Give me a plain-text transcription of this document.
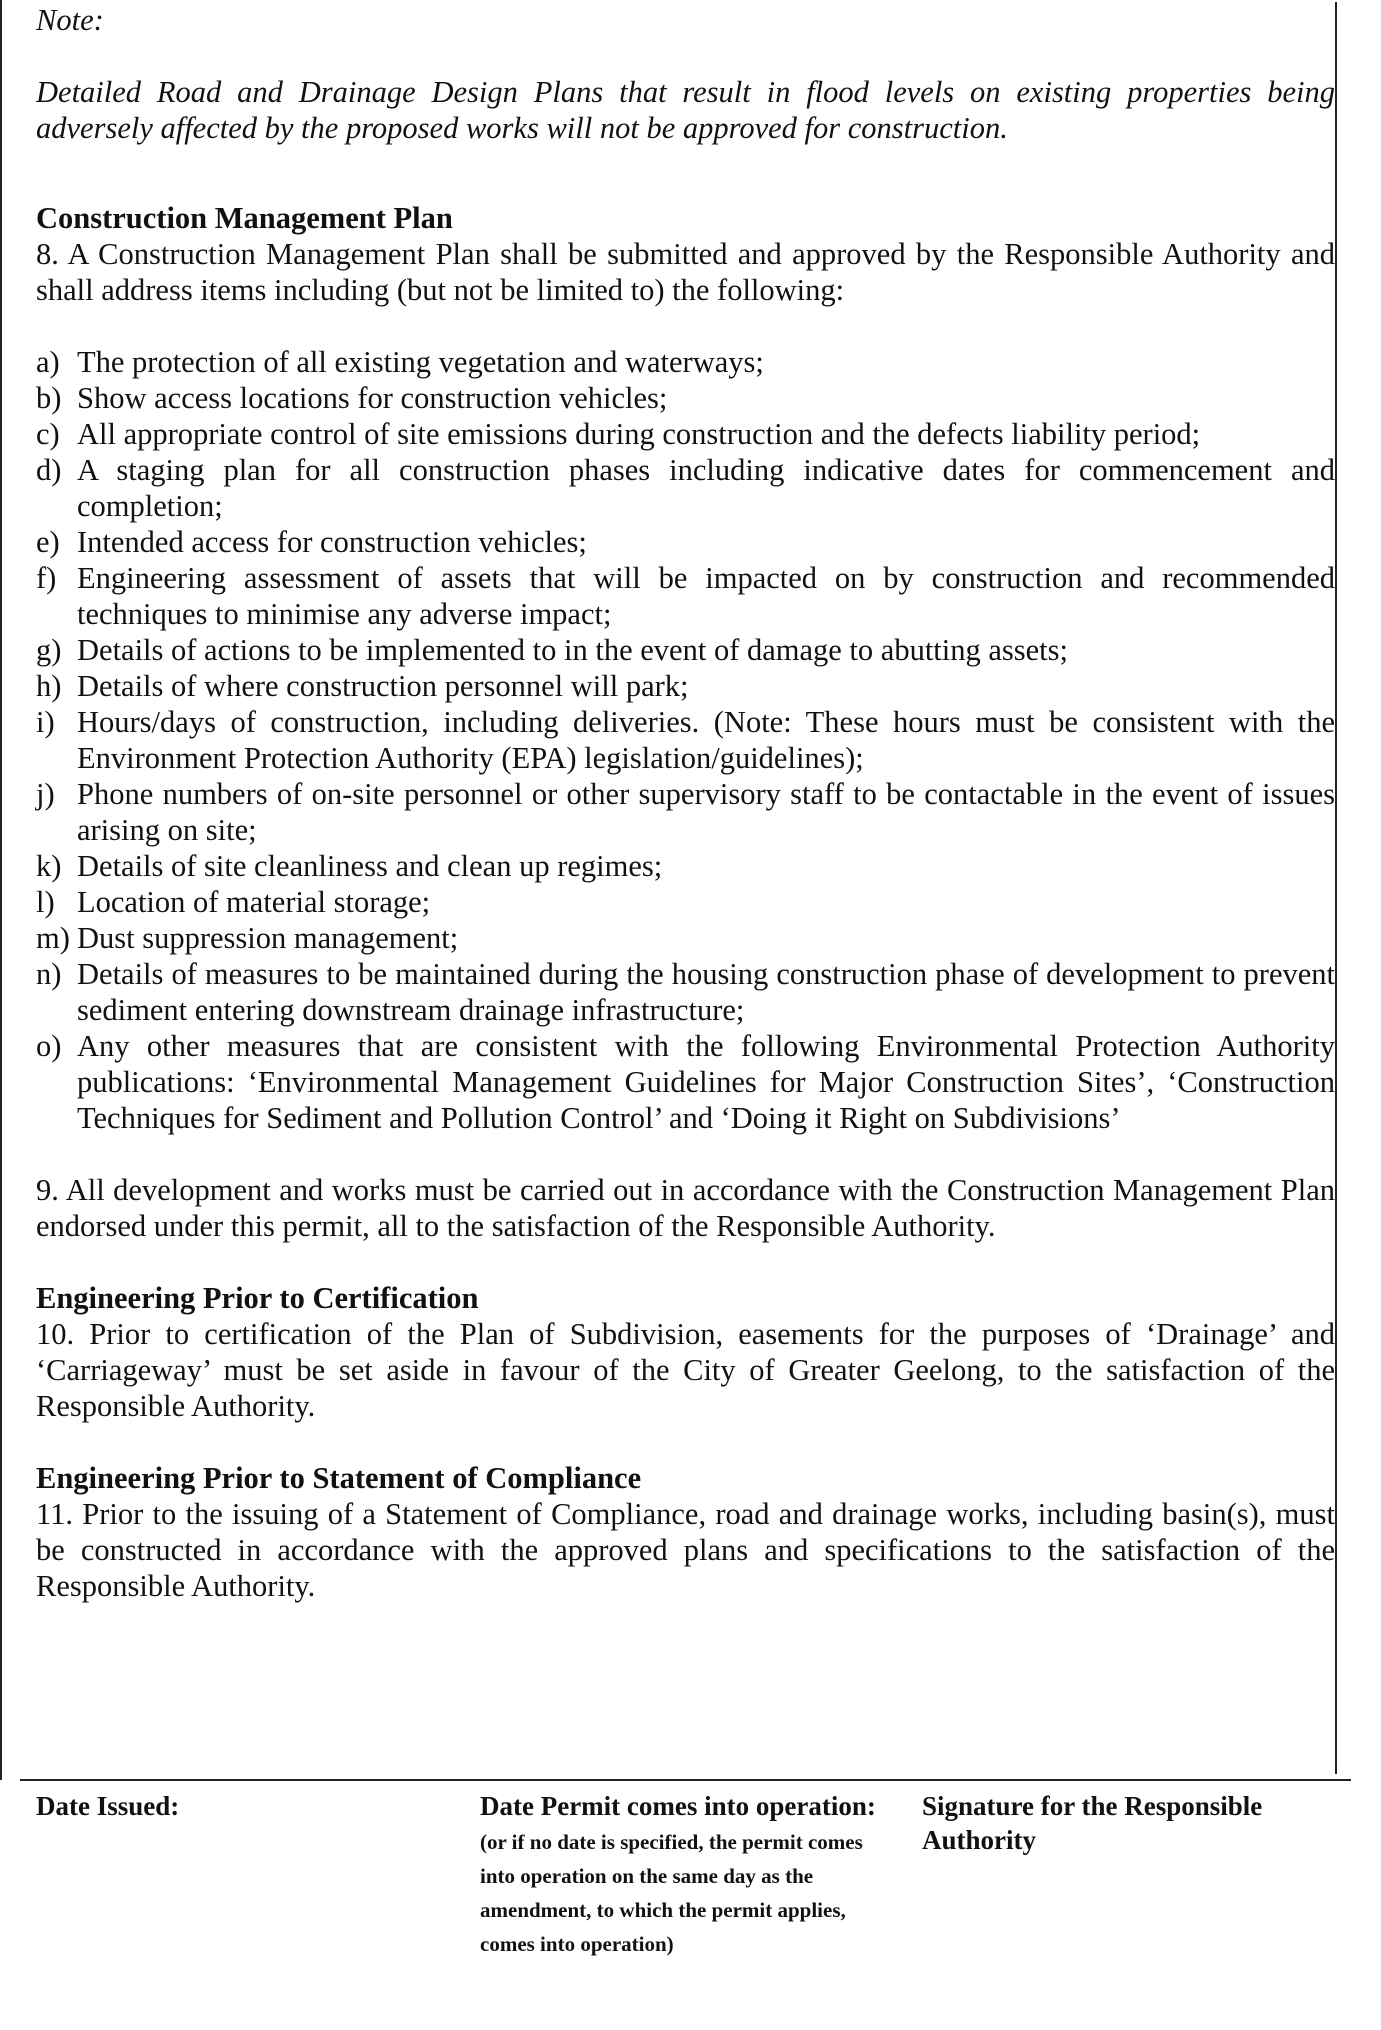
Note:

Detailed Road and Drainage Design Plans that result in flood levels on existing properties being adversely affected by the proposed works will not be approved for construction.

Construction Management Plan

8. A Construction Management Plan shall be submitted and approved by the Responsible Authority and shall address items including (but not be limited to) the following:

a) The protection of all existing vegetation and waterways;
b) Show access locations for construction vehicles;
c) All appropriate control of site emissions during construction and the defects liability period;
d) A staging plan for all construction phases including indicative dates for commencement and completion;
e) Intended access for construction vehicles;
f) Engineering assessment of assets that will be impacted on by construction and recommended techniques to minimise any adverse impact;
g) Details of actions to be implemented to in the event of damage to abutting assets;
h) Details of where construction personnel will park;
i) Hours/days of construction, including deliveries. (Note: These hours must be consistent with the Environment Protection Authority (EPA) legislation/guidelines);
j) Phone numbers of on-site personnel or other supervisory staff to be contactable in the event of issues arising on site;
k) Details of site cleanliness and clean up regimes;
l) Location of material storage;
m) Dust suppression management;
n) Details of measures to be maintained during the housing construction phase of development to prevent sediment entering downstream drainage infrastructure;
o) Any other measures that are consistent with the following Environmental Protection Authority publications: ‘Environmental Management Guidelines for Major Construction Sites’, ‘Construction Techniques for Sediment and Pollution Control’ and ‘Doing it Right on Subdivisions’

9. All development and works must be carried out in accordance with the Construction Management Plan endorsed under this permit, all to the satisfaction of the Responsible Authority.

Engineering Prior to Certification

10. Prior to certification of the Plan of Subdivision, easements for the purposes of ‘Drainage’ and ‘Carriageway’ must be set aside in favour of the City of Greater Geelong, to the satisfaction of the Responsible Authority.

Engineering Prior to Statement of Compliance

11. Prior to the issuing of a Statement of Compliance, road and drainage works, including basin(s), must be constructed in accordance with the approved plans and specifications to the satisfaction of the Responsible Authority.

Date Issued:	Date Permit comes into operation:
(or if no date is specified, the permit comes into operation on the same day as the amendment, to which the permit applies, comes into operation)
Signature for the Responsible Authority
